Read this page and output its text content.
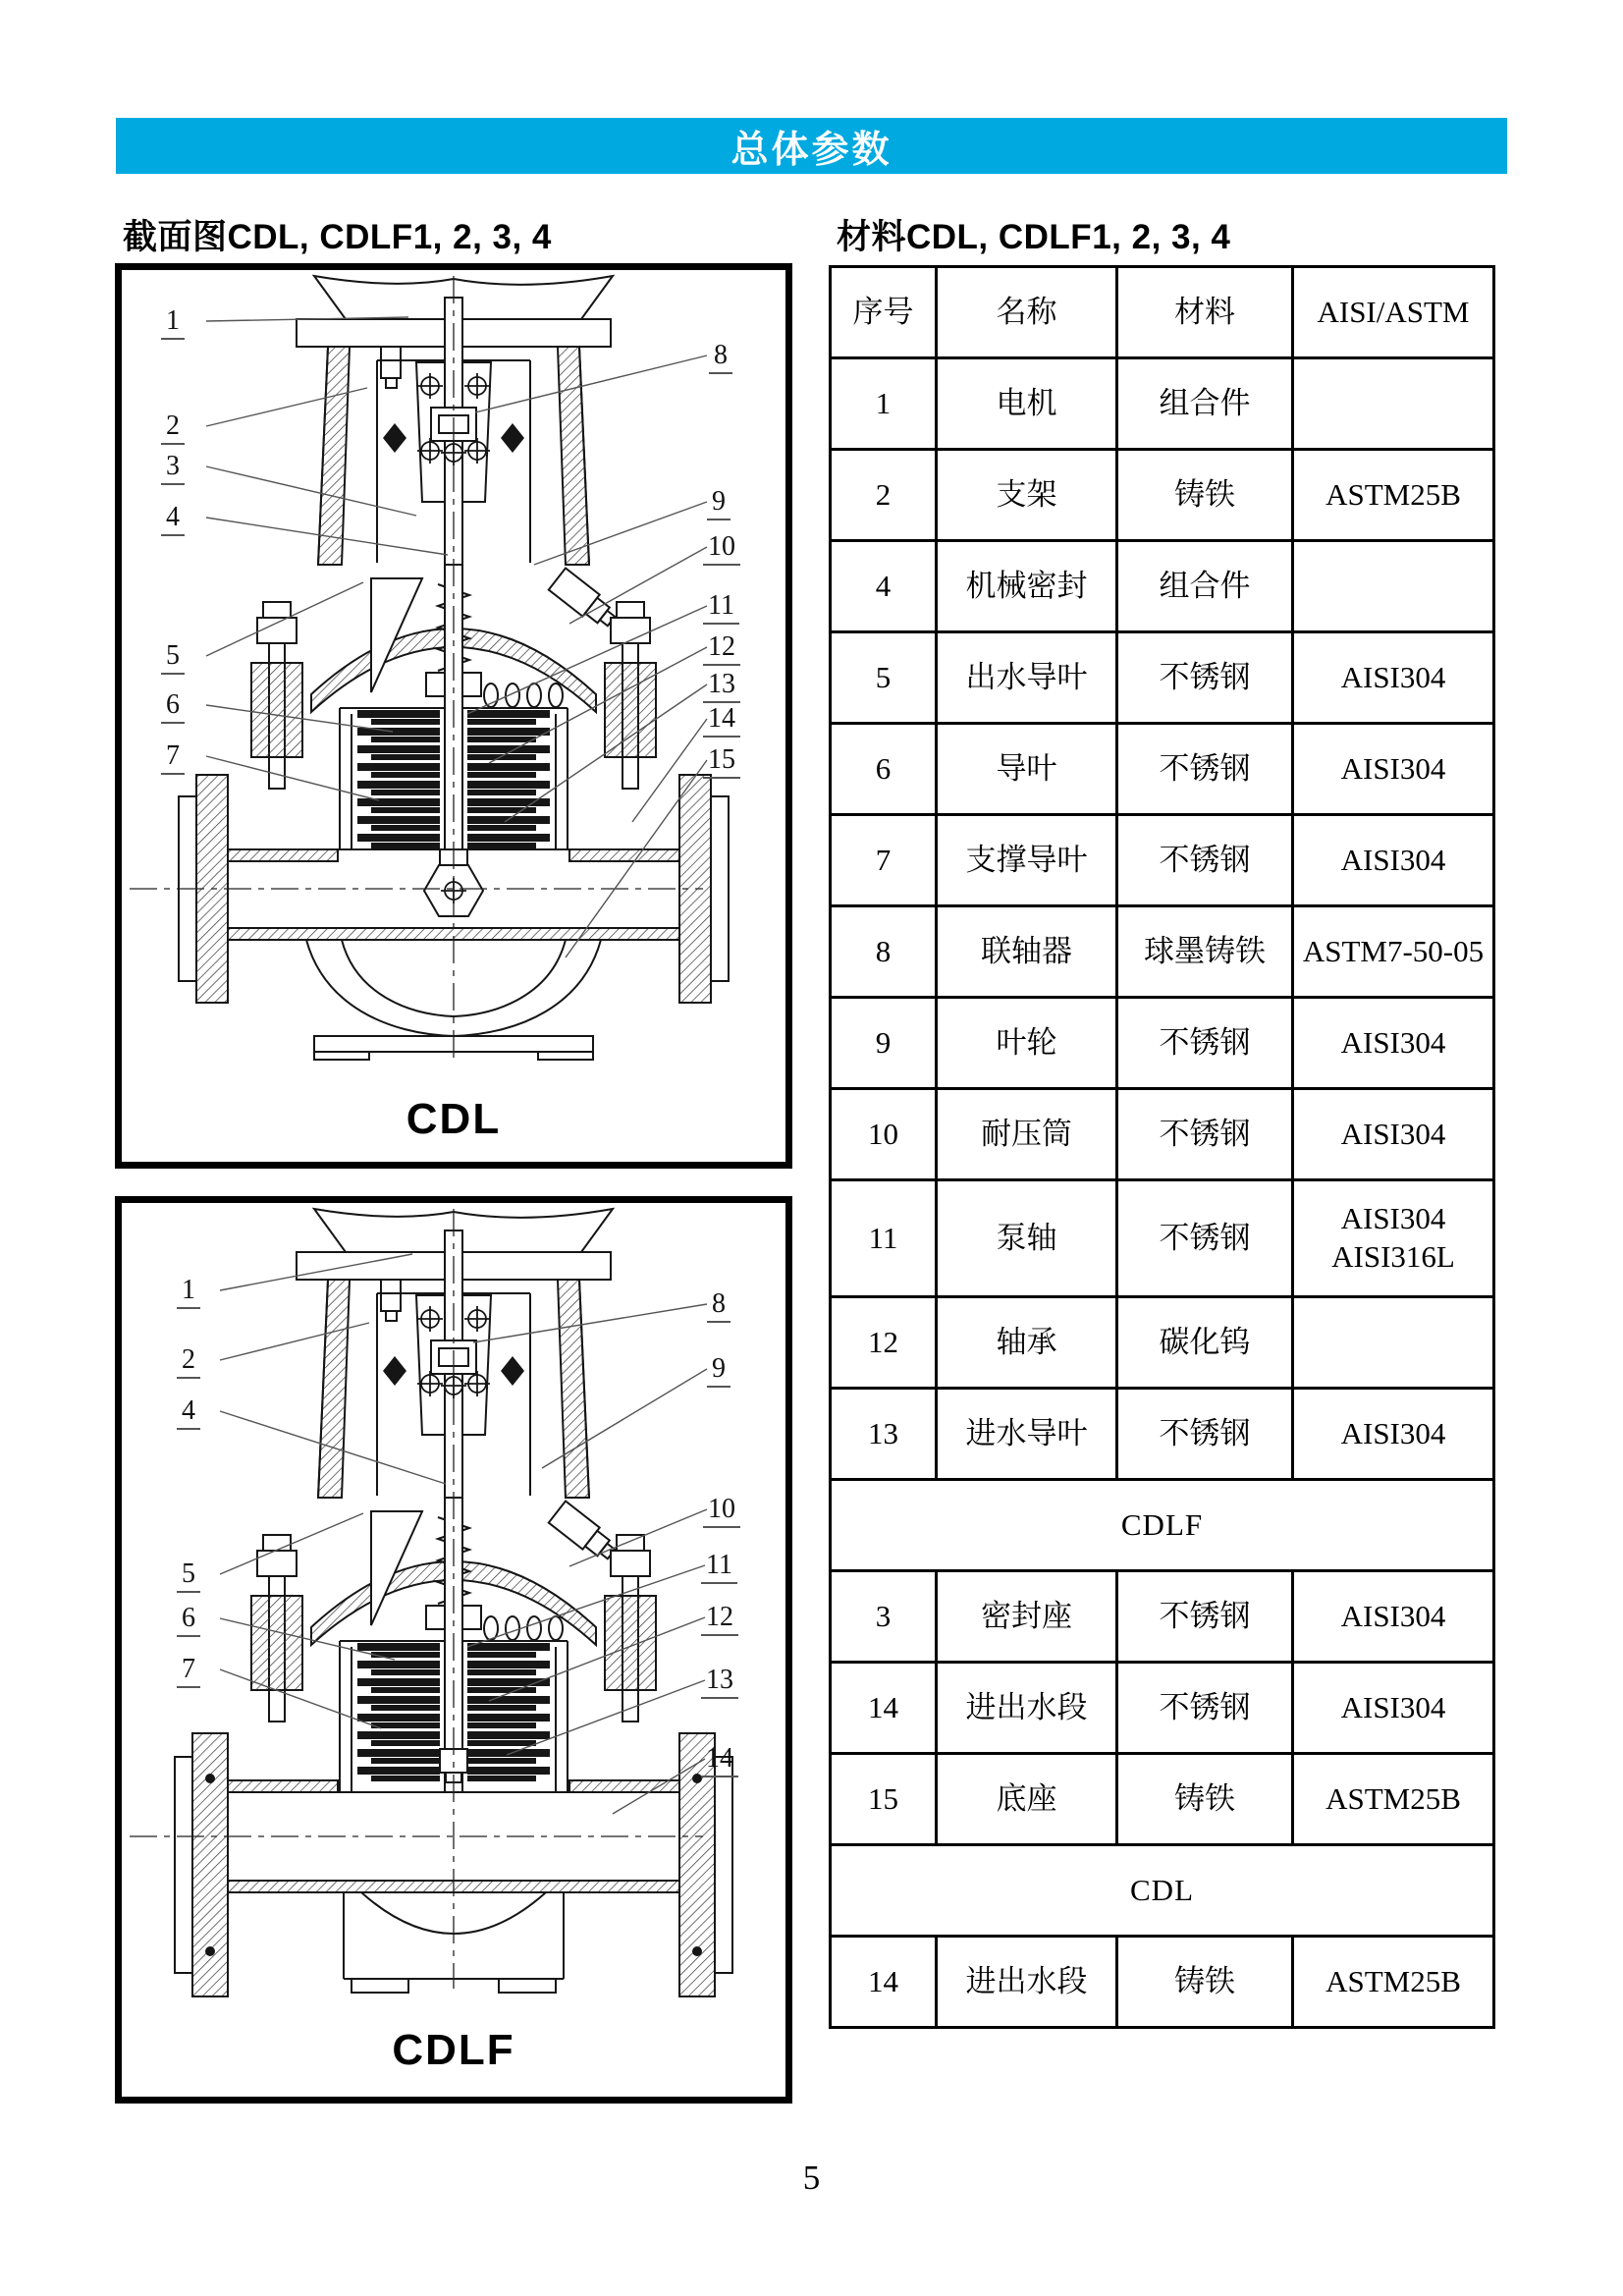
总体参数
截面图CDL, CDLF1, 2, 3, 4	材料CDL, CDLF1, 2, 3, 4
CDL
1
2
3
4
5
6
7
8
9
10
11
12
13
14
15
CDLF
1
2
4
5
6
7
8
9
10
11
12
13
14
序号	名称	材料	AISI/ASTM
1	电机	组合件	
2	支架	铸铁	ASTM25B
4	机械密封	组合件	
5	出水导叶	不锈钢	AISI304
6	导叶	不锈钢	AISI304
7	支撑导叶	不锈钢	AISI304
8	联轴器	球墨铸铁	ASTM7-50-05
9	叶轮	不锈钢	AISI304
10	耐压筒	不锈钢	AISI304
11	泵轴	不锈钢	AISI304
AISI316L
12	轴承	碳化钨	
13	进水导叶	不锈钢	AISI304
CDLF			
3	密封座	不锈钢	AISI304
14	进出水段	不锈钢	AISI304
15	底座	铸铁	ASTM25B
CDL			
14	进出水段	铸铁	ASTM25B
5
